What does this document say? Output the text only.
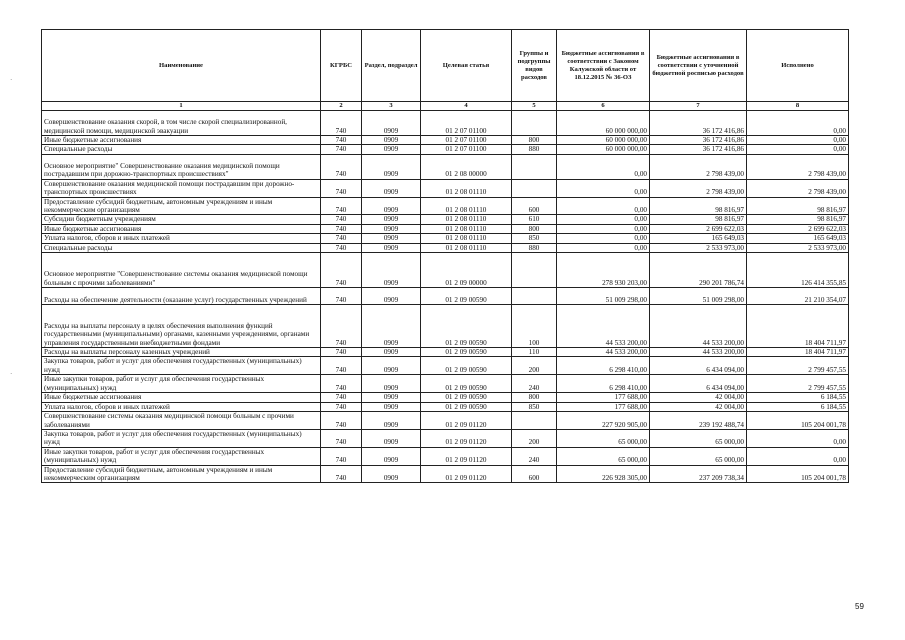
·
·
Наименование	КГРБС	Раздел, подраздел	Целевая статья	Группы и подгруппы видов расходов	Бюджетные ассигнования в соответствии с Законом Калужской области от 18.12.2015 № 36-ОЗ	Бюджетные ассигнования в соответствии с уточненной бюджетной росписью расходов	Исполнено
1	2	3	4	5	6	7	8
Совершенствование оказания скорой, в том числе скорой специализированной, медицинской помощи, медицинской эвакуации	740	0909	01 2 07 01100		60 000 000,00	36 172 416,86	0,00
Иные бюджетные ассигнования	740	0909	01 2 07 01100	800	60 000 000,00	36 172 416,86	0,00
Специальные расходы	740	0909	01 2 07 01100	880	60 000 000,00	36 172 416,86	0,00
Основное мероприятие" Совершенствование оказания медицинской помощи пострадавшим при дорожно-транспортных происшествиях"	740	0909	01 2 08 00000		0,00	2 798 439,00	2 798 439,00
Совершенствование оказания медицинской помощи пострадавшим при дорожно-транспортных происшествиях	740	0909	01 2 08 01110		0,00	2 798 439,00	2 798 439,00
Предоставление субсидий бюджетным, автономным учреждениям и иным некоммерческим организациям	740	0909	01 2 08 01110	600	0,00	98 816,97	98 816,97
Субсидии бюджетным учреждениям	740	0909	01 2 08 01110	610	0,00	98 816,97	98 816,97
Иные бюджетные ассигнования	740	0909	01 2 08 01110	800	0,00	2 699 622,03	2 699 622,03
Уплата налогов, сборов и иных платежей	740	0909	01 2 08 01110	850	0,00	165 649,03	165 649,03
Специальные расходы	740	0909	01 2 08 01110	880	0,00	2 533 973,00	2 533 973,00
Основное мероприятие "Совершенствование системы оказания медицинской помощи больным с прочими заболеваниями"	740	0909	01 2 09 00000		278 930 203,00	290 201 786,74	126 414 355,85
Расходы на обеспечение деятельности (оказание услуг) государственных учреждений	740	0909	01 2 09 00590		51 009 298,00	51 009 298,00	21 210 354,07
Расходы на выплаты персоналу в целях обеспечения выполнения функций государственными (муниципальными) органами, казенными учреждениями, органами управления государственными внебюджетными фондами	740	0909	01 2 09 00590	100	44 533 200,00	44 533 200,00	18 404 711,97
Расходы на выплаты персоналу казенных учреждений	740	0909	01 2 09 00590	110	44 533 200,00	44 533 200,00	18 404 711,97
Закупка товаров, работ и услуг для обеспечения государственных (муниципальных) нужд	740	0909	01 2 09 00590	200	6 298 410,00	6 434 094,00	2 799 457,55
Иные закупки товаров, работ и услуг для обеспечения государственных (муниципальных) нужд	740	0909	01 2 09 00590	240	6 298 410,00	6 434 094,00	2 799 457,55
Иные бюджетные ассигнования	740	0909	01 2 09 00590	800	177 688,00	42 004,00	6 184,55
Уплата налогов, сборов и иных платежей	740	0909	01 2 09 00590	850	177 688,00	42 004,00	6 184,55
Совершенствование системы оказания медицинской помощи больным с прочими заболеваниями	740	0909	01 2 09 01120		227 920 905,00	239 192 488,74	105 204 001,78
Закупка товаров, работ и услуг для обеспечения государственных (муниципальных) нужд	740	0909	01 2 09 01120	200	65 000,00	65 000,00	0,00
Иные закупки товаров, работ и услуг для обеспечения государственных (муниципальных) нужд	740	0909	01 2 09 01120	240	65 000,00	65 000,00	0,00
Предоставление субсидий бюджетным, автономным учреждениям и иным некоммерческим организациям	740	0909	01 2 09 01120	600	226 928 305,00	237 209 738,34	105 204 001,78
59
